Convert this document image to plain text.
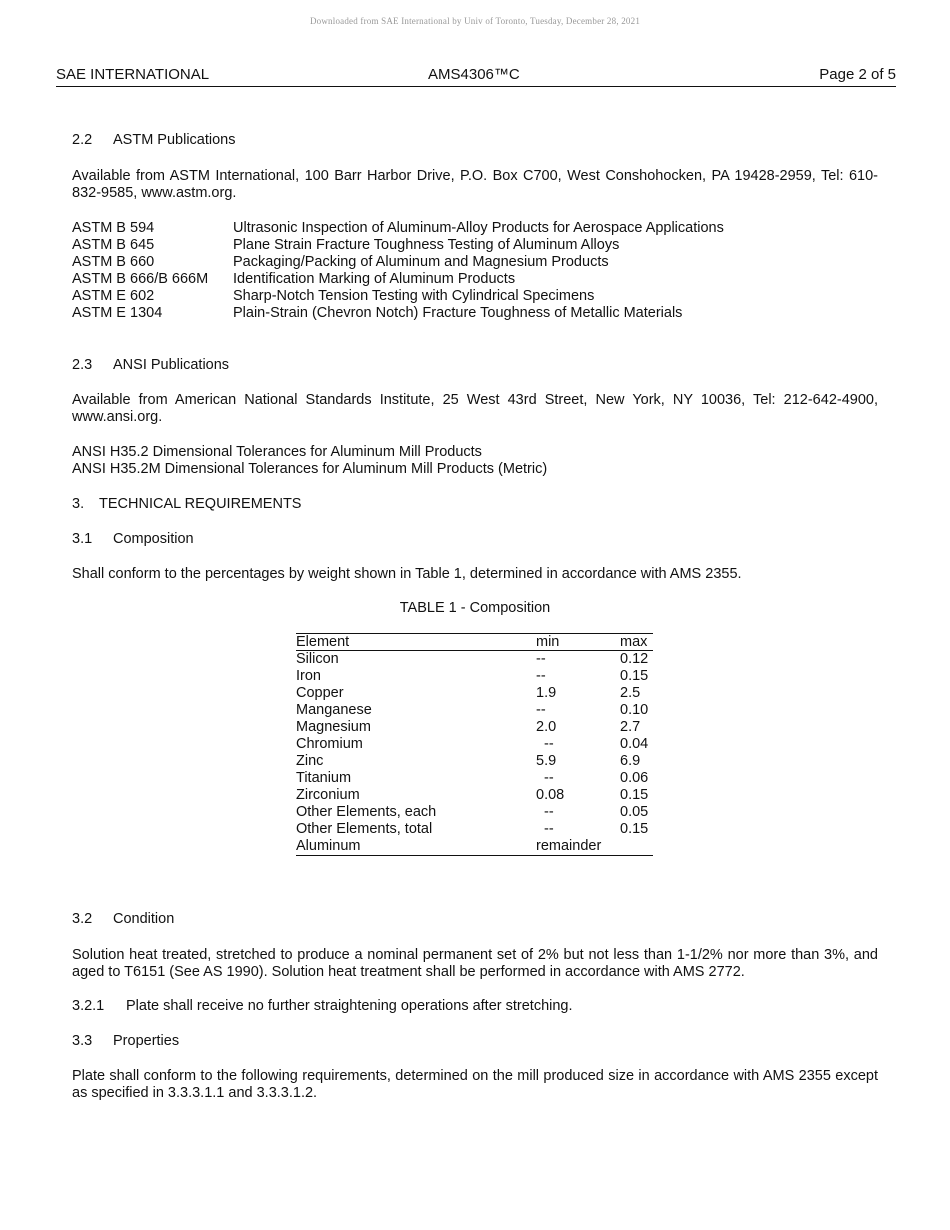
Downloaded from SAE International by Univ of Toronto, Tuesday, December 28, 2021
SAE INTERNATIONAL	AMS4306™C	Page 2 of 5
2.2 ASTM Publications
Available from ASTM International, 100 Barr Harbor Drive, P.O. Box C700, West Conshohocken, PA 19428-2959, Tel: 610-832-9585, www.astm.org.
ASTM B 594	Ultrasonic Inspection of Aluminum-Alloy Products for Aerospace Applications
ASTM B 645	Plane Strain Fracture Toughness Testing of Aluminum Alloys
ASTM B 660	Packaging/Packing of Aluminum and Magnesium Products
ASTM B 666/B 666M Identification Marking of Aluminum Products
ASTM E 602	Sharp-Notch Tension Testing with Cylindrical Specimens
ASTM E 1304	Plain-Strain (Chevron Notch) Fracture Toughness of Metallic Materials
2.3 ANSI Publications
Available from American National Standards Institute, 25 West 43rd Street, New York, NY 10036, Tel: 212-642-4900, www.ansi.org.
ANSI H35.2 Dimensional Tolerances for Aluminum Mill Products
ANSI H35.2M Dimensional Tolerances for Aluminum Mill Products (Metric)
3. TECHNICAL REQUIREMENTS
3.1 Composition
Shall conform to the percentages by weight shown in Table 1, determined in accordance with AMS 2355.
TABLE 1 - Composition
Element	min	max
Silicon	--	0.12
Iron	--	0.15
Copper	1.9	2.5
Manganese	--	0.10
Magnesium	2.0	2.7
Chromium	--	0.04
Zinc	5.9	6.9
Titanium	--	0.06
Zirconium	0.08	0.15
Other Elements, each	--	0.05
Other Elements, total	--	0.15
Aluminum	remainder	
3.2 Condition
Solution heat treated, stretched to produce a nominal permanent set of 2% but not less than 1-1/2% nor more than 3%, and aged to T6151 (See AS 1990). Solution heat treatment shall be performed in accordance with AMS 2772.
3.2.1 Plate shall receive no further straightening operations after stretching.
3.3 Properties
Plate shall conform to the following requirements, determined on the mill produced size in accordance with AMS 2355 except as specified in 3.3.3.1.1 and 3.3.3.1.2.
